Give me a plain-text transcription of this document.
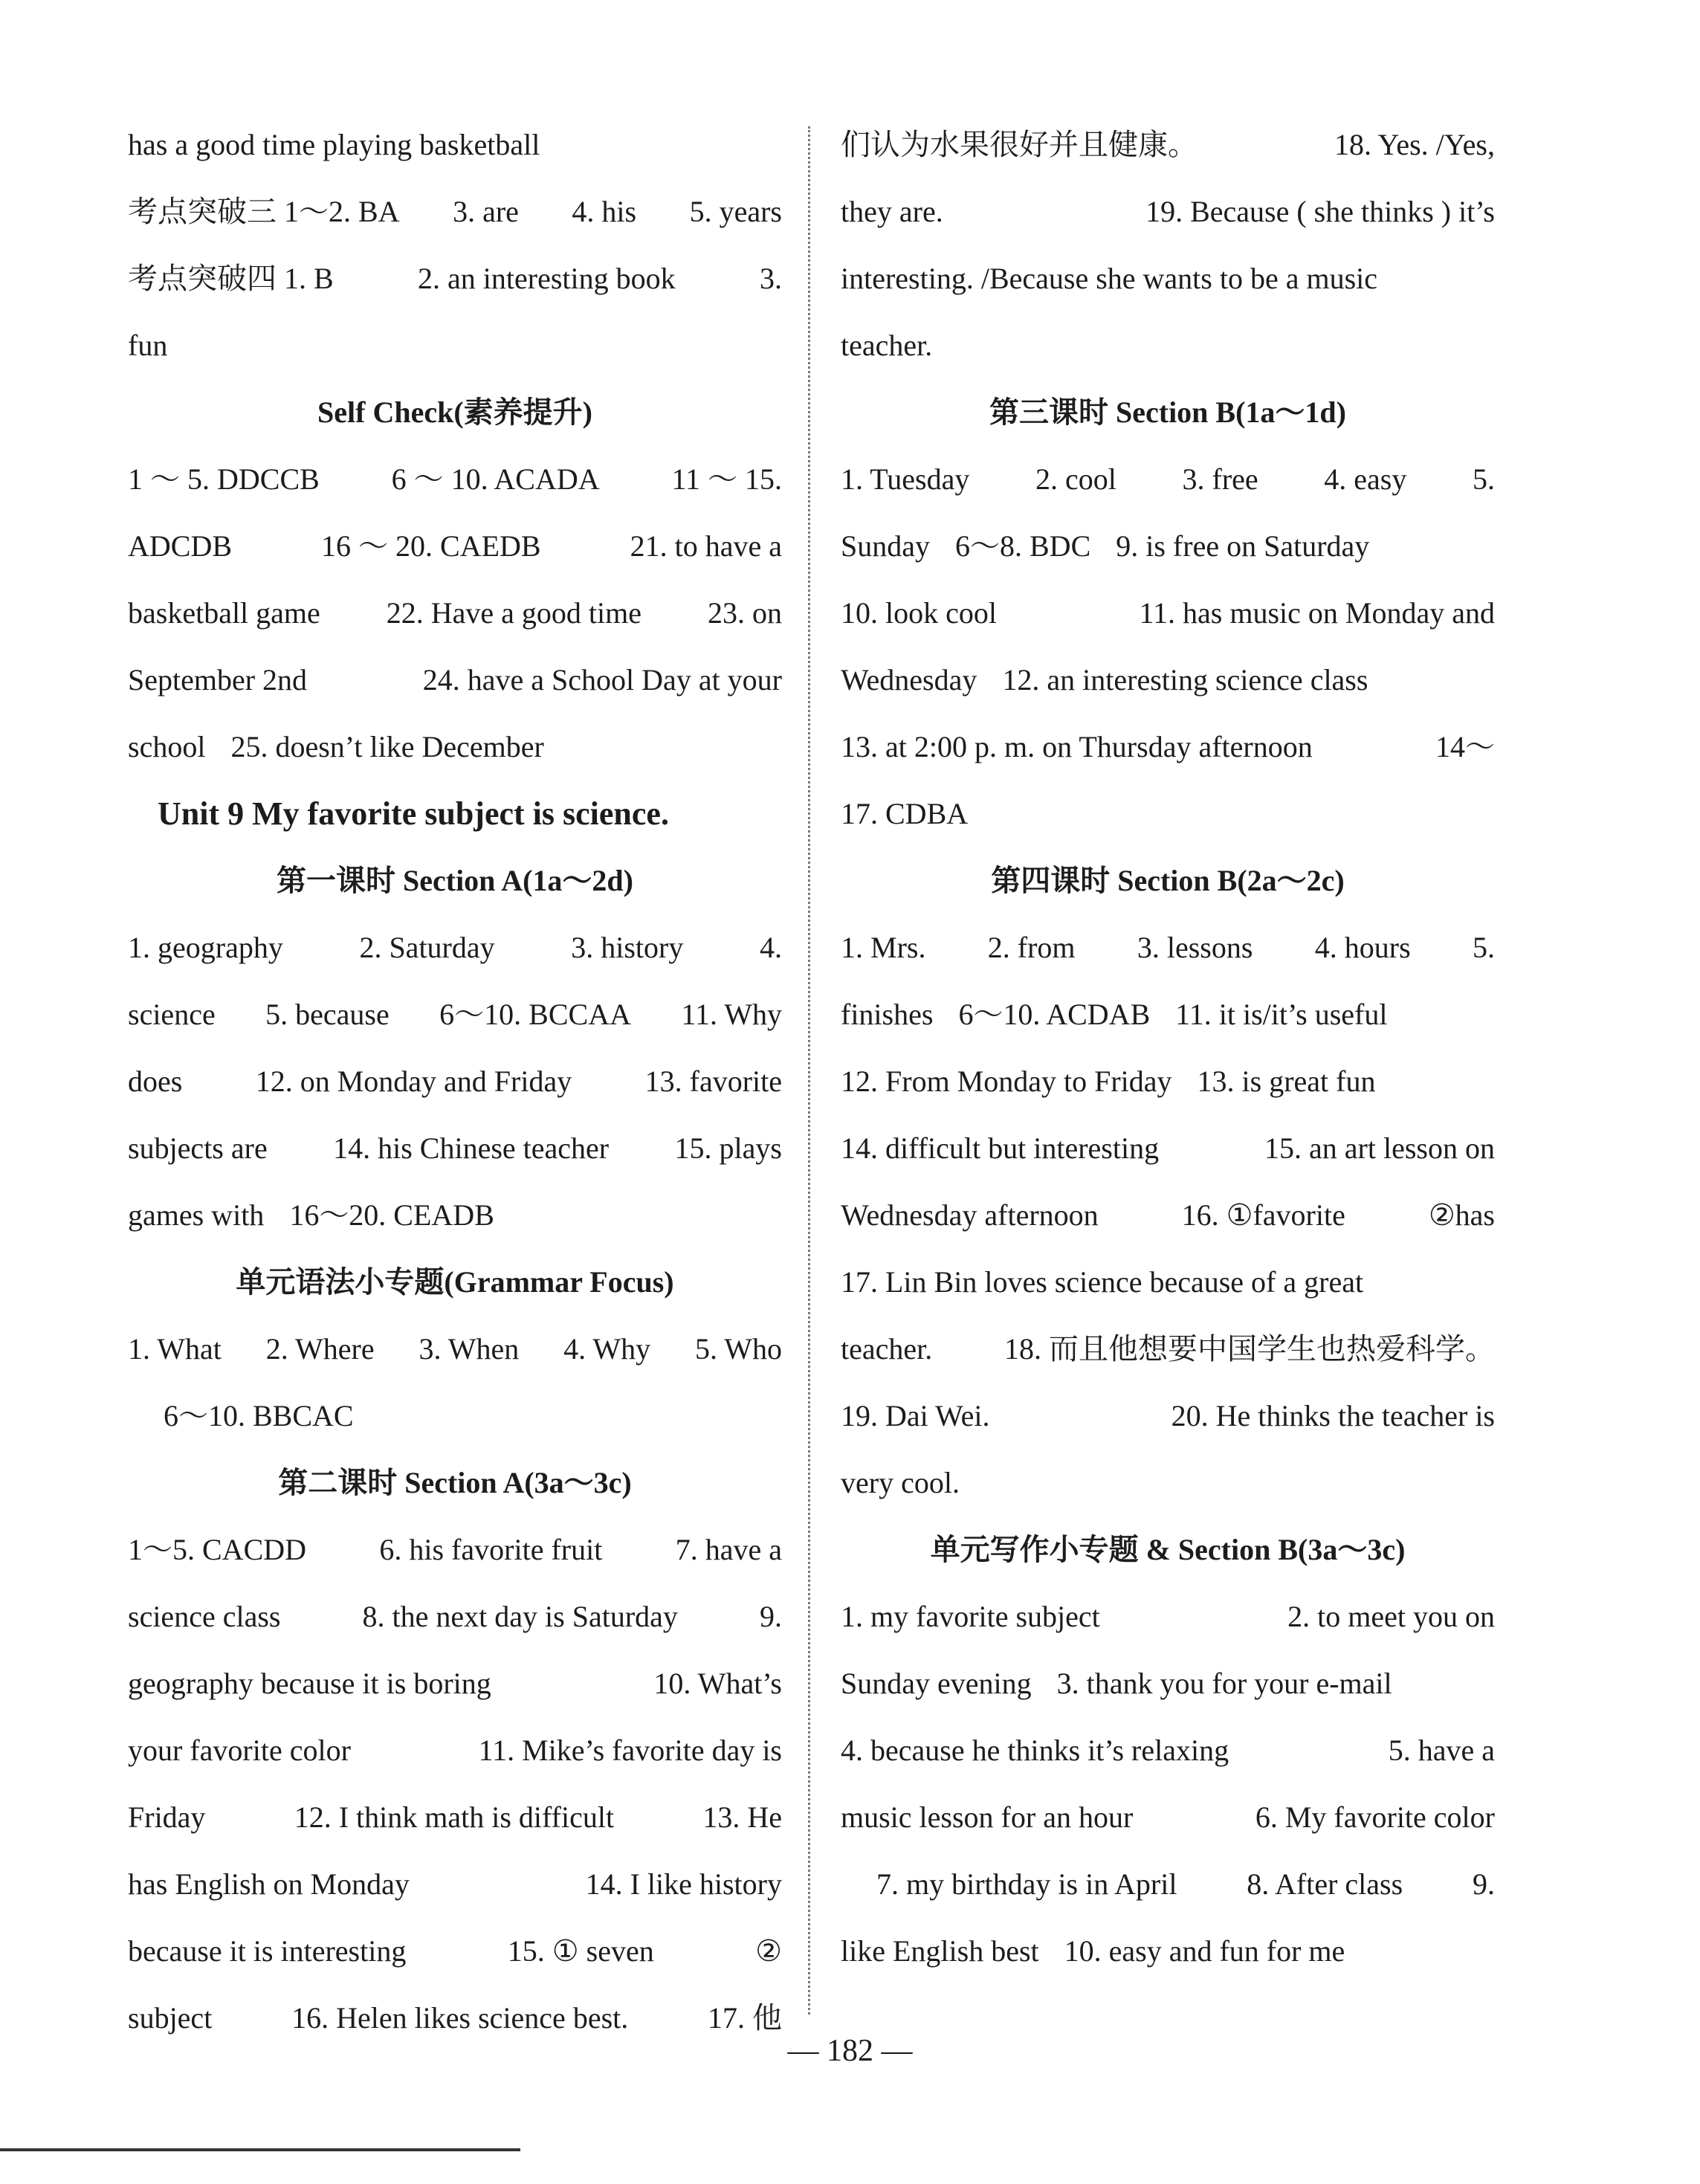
has a good time playing basketball
考点突破三 1～2. BA 3. are 4. his 5. years
考点突破四 1. B	2. an interesting book	3.
fun
Self Check(素养提升)
1 ～ 5. DDCCB 6 ～ 10. ACADA 11 ～ 15.
ADCDB	16 ～ 20. CAEDB	21. to have a
basketball game 22. Have a good time 23. on
September 2nd	24. have a School Day at your
school 25. doesn’t like December
Unit 9 My favorite subject is science.
第一课时 Section A(1a～2d)
1. geography	2. Saturday	3. history	4.
science 5. because 6～10. BCCAA 11. Why
does 12. on Monday and Friday 13. favorite
subjects are 14. his Chinese teacher 15. plays
games with 16～20. CEADB
单元语法小专题(Grammar Focus)
1. What 2. Where 3. When 4. Why 5. Who
6～10. BBCAC
第二课时 Section A(3a～3c)
1～5. CACDD 6. his favorite fruit 7. have a
science class	8. the next day is Saturday	9.
geography because it is boring	10. What’s
your favorite color	11. Mike’s favorite day is
Friday	12. I think math is difficult	13. He
has English on Monday	14. I like history
because it is interesting	15. ① seven	②
subject	16. Helen likes science best.	17. 他
们认为水果很好并且健康。	18. Yes. /Yes,
they are.	19. Because ( she thinks ) it’s
interesting. /Because she wants to be a music
teacher.
第三课时 Section B(1a～1d)
1. Tuesday 2. cool 3. free 4. easy 5.
Sunday 6～8. BDC 9. is free on Saturday
10. look cool	11. has music on Monday and
Wednesday 12. an interesting science class
13. at 2:00 p. m. on Thursday afternoon	14～
17. CDBA
第四课时 Section B(2a～2c)
1. Mrs. 2. from 3. lessons 4. hours 5.
finishes 6～10. ACDAB 11. it is/it’s useful
12. From Monday to Friday 13. is great fun
14. difficult but interesting	15. an art lesson on
Wednesday afternoon	16. ①favorite	②has
17. Lin Bin loves science because of a great
teacher. 18. 而且他想要中国学生也热爱科学。
19. Dai Wei.	20. He thinks the teacher is
very cool.
单元写作小专题 & Section B(3a～3c)
1. my favorite subject	2. to meet you on
Sunday evening 3. thank you for your e-mail
4. because he thinks it’s relaxing	5. have a
music lesson for an hour	6. My favorite color
7. my birthday is in April 8. After class 9.
like English best 10. easy and fun for me
— 182 —
